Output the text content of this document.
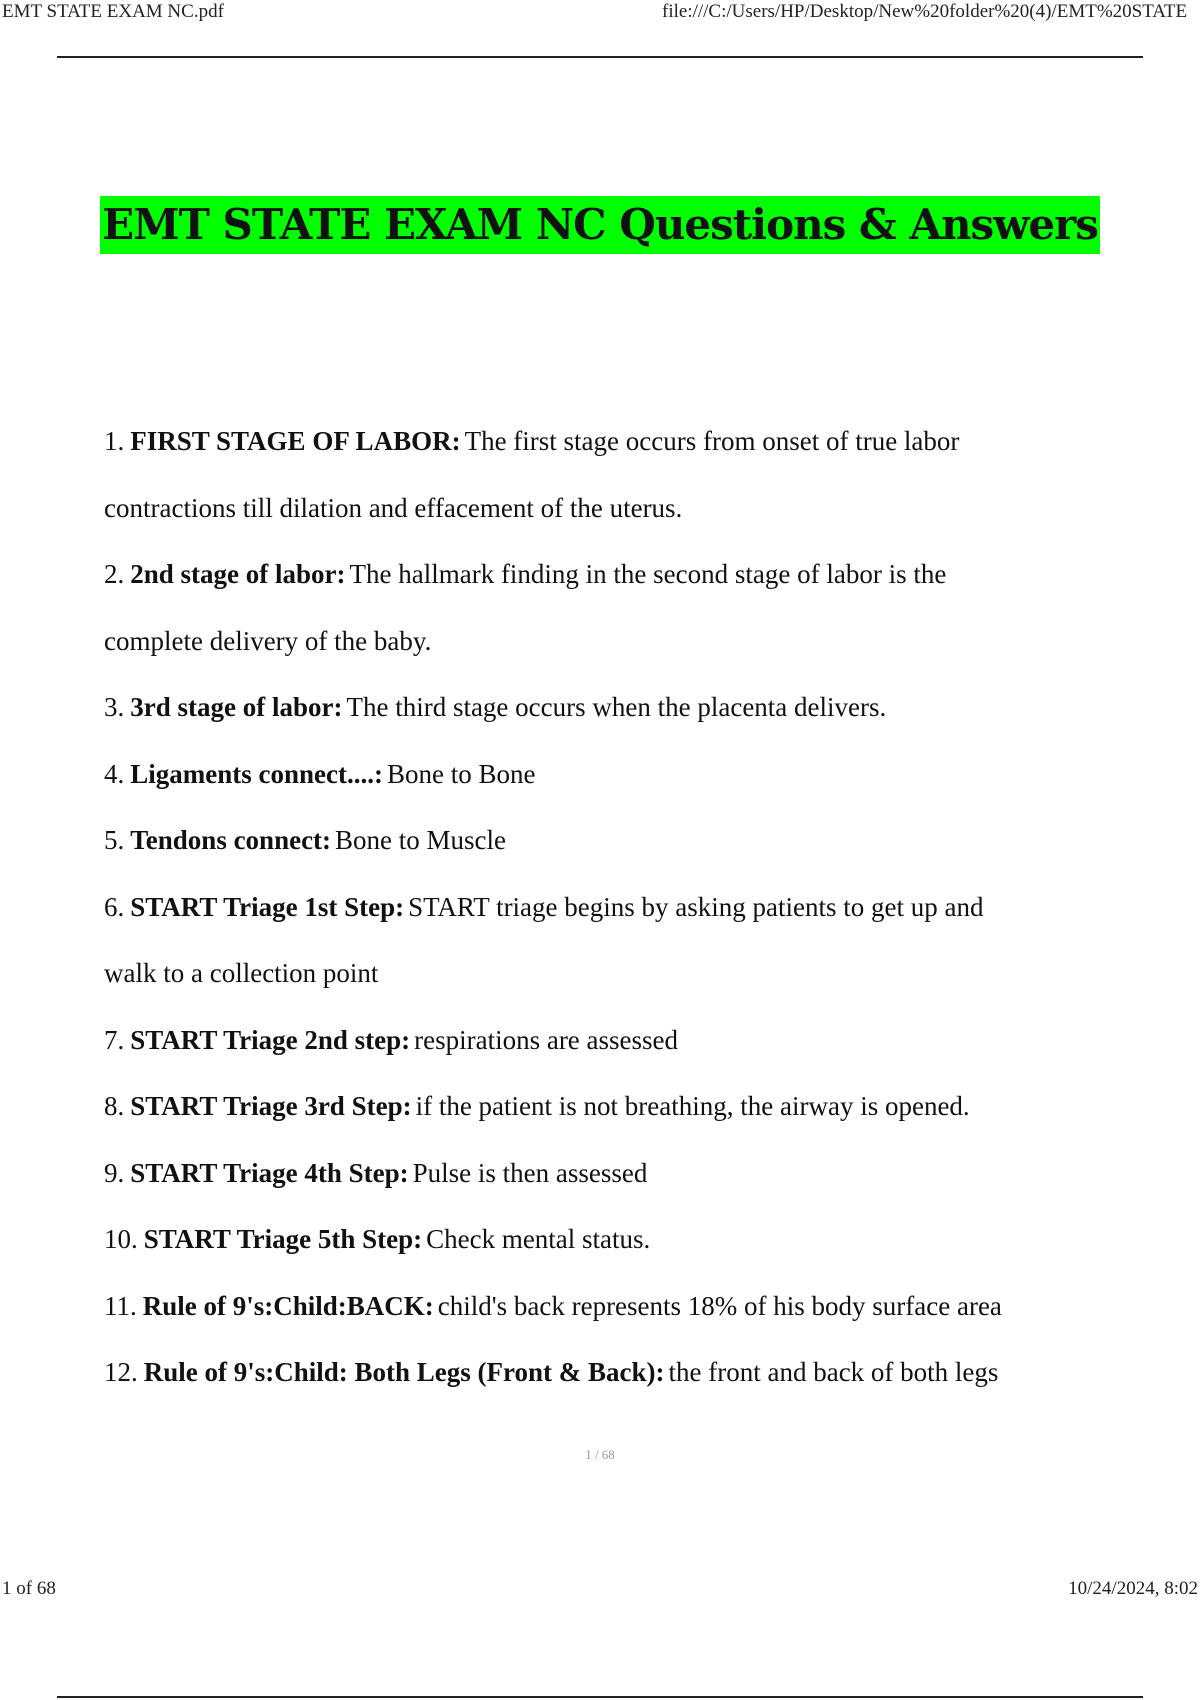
EMT STATE EXAM NC.pdf	file:///C:/Users/HP/Desktop/New%20folder%20(4)/EMT%20STATE
EMT STATE EXAM NC Questions & Answers
1. FIRST STAGE OF LABOR: The first stage occurs from onset of true labor
contractions till dilation and effacement of the uterus.
2. 2nd stage of labor: The hallmark finding in the second stage of labor is the
complete delivery of the baby.
3. 3rd stage of labor: The third stage occurs when the placenta delivers.
4. Ligaments connect....: Bone to Bone
5. Tendons connect: Bone to Muscle
6. START Triage 1st Step: START triage begins by asking patients to get up and
walk to a collection point
7. START Triage 2nd step: respirations are assessed
8. START Triage 3rd Step: if the patient is not breathing, the airway is opened.
9. START Triage 4th Step: Pulse is then assessed
10. START Triage 5th Step: Check mental status.
11. Rule of 9's:Child:BACK: child's back represents 18% of his body surface area
12. Rule of 9's:Child: Both Legs (Front & Back): the front and back of both legs
1 / 68
1 of 68	10/24/2024, 8:02
